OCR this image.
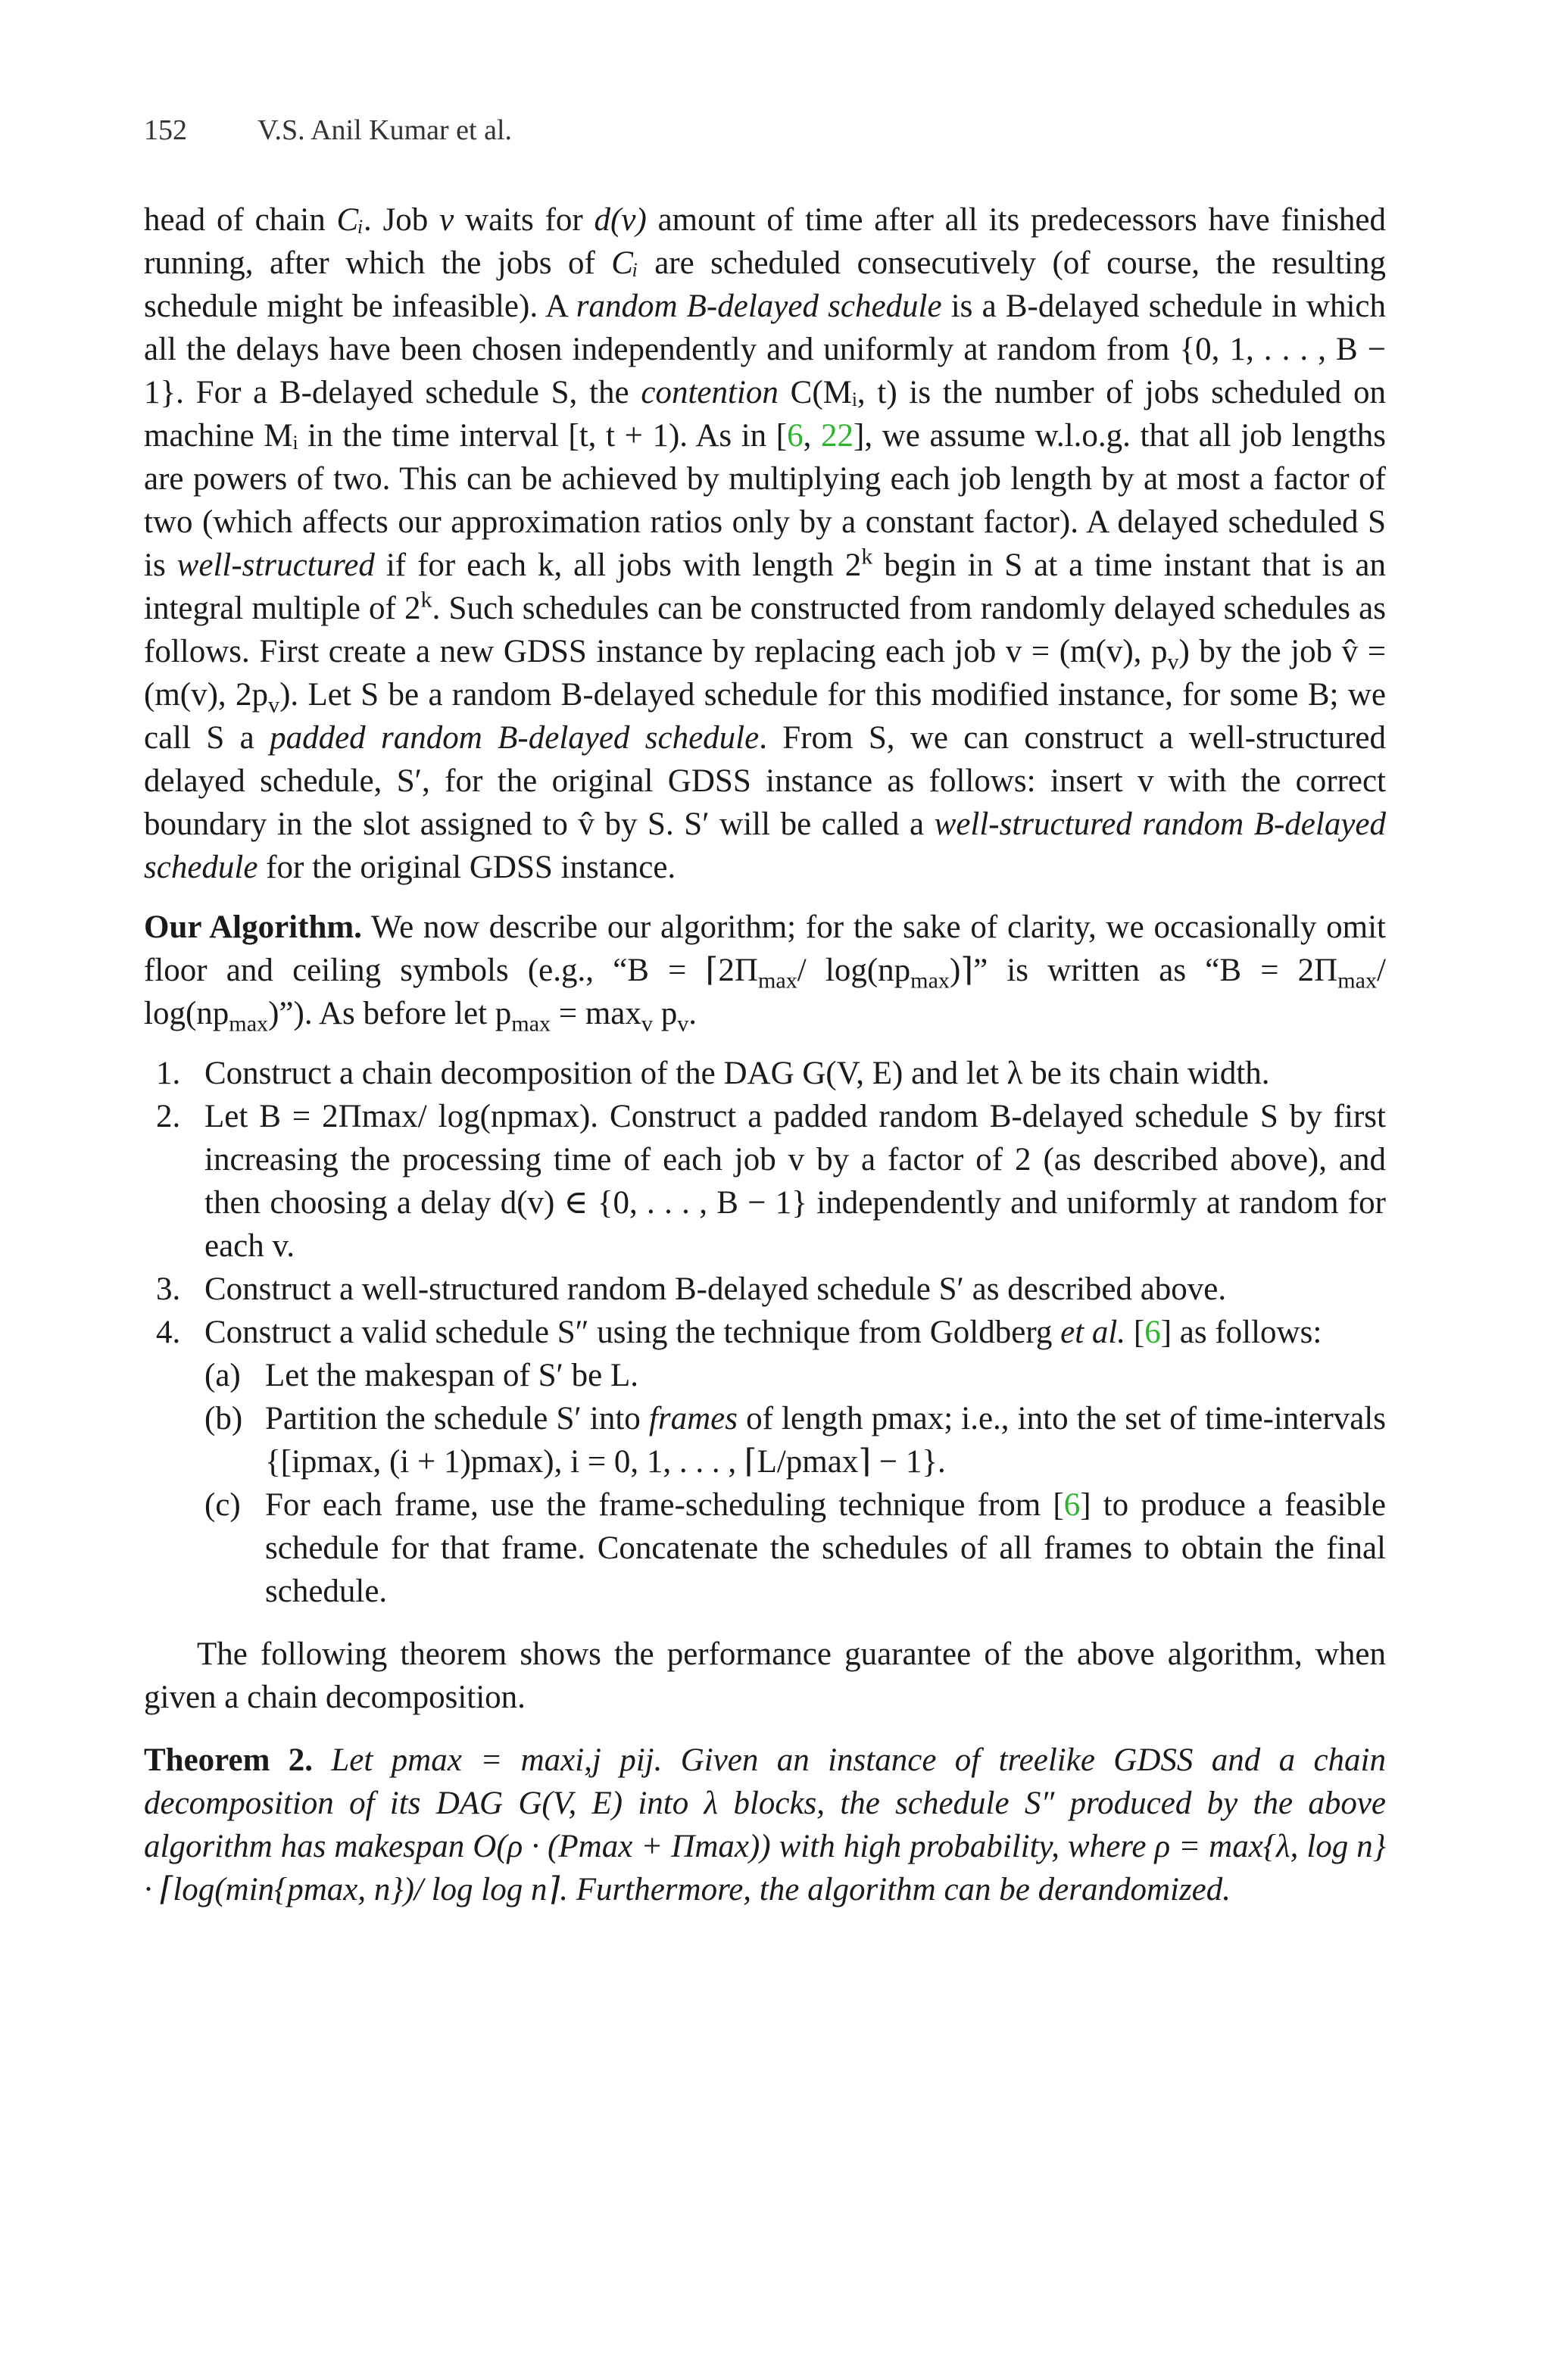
152 V.S. Anil Kumar et al.

head of chain Cᵢ. Job v waits for d(v) amount of time after all its predecessors have finished running, after which the jobs of Cᵢ are scheduled consecutively (of course, the resulting schedule might be infeasible). A random B-delayed schedule is a B-delayed schedule in which all the delays have been chosen independently and uniformly at random from {0, 1, . . . , B − 1}. For a B-delayed schedule S, the contention C(Mᵢ, t) is the number of jobs scheduled on machine Mᵢ in the time interval [t, t + 1). As in [6, 22], we assume w.l.o.g. that all job lengths are powers of two. This can be achieved by multiplying each job length by at most a factor of two (which affects our approximation ratios only by a constant factor). A delayed scheduled S is well-structured if for each k, all jobs with length 2$^k$ begin in S at a time instant that is an integral multiple of 2$^k$. Such schedules can be constructed from randomly delayed schedules as follows. First create a new GDSS instance by replacing each job v = (m(v), $p_v$) by the job v̂ = (m(v), $2p_v$). Let S be a random B-delayed schedule for this modified instance, for some B; we call S a padded random B-delayed schedule. From S, we can construct a well-structured delayed schedule, S′, for the original GDSS instance as follows: insert v with the correct boundary in the slot assigned to v̂ by S. S′ will be called a well-structured random B-delayed schedule for the original GDSS instance.

Our Algorithm. We now describe our algorithm; for the sake of clarity, we occasionally omit floor and ceiling symbols (e.g., “$B = ⌈2\Pi_{max}/$ $\log(np_{max})⌉$” is written as “$B = 2\Pi_{max}/$ $\log(np_{max})$”). As before let $p_{max} = \max_v p_v$.

1. Construct a chain decomposition of the DAG G(V, E) and let λ be its chain width.
2. Let B = 2Πmax/ log(npmax). Construct a padded random B-delayed schedule S by first increasing the processing time of each job v by a factor of 2 (as described above), and then choosing a delay d(v) ∈ {0, . . . , B − 1} independently and uniformly at random for each v.
3. Construct a well-structured random B-delayed schedule S′ as described above.
4. Construct a valid schedule S″ using the technique from Goldberg et al. [6] as follows:
(a) Let the makespan of S′ be L.
(b) Partition the schedule S′ into frames of length pmax; i.e., into the set of time-intervals {[ipmax, (i + 1)pmax), i = 0, 1, . . . , ⌈L/pmax⌉ − 1}.
(c) For each frame, use the frame-scheduling technique from [6] to produce a feasible schedule for that frame. Concatenate the schedules of all frames to obtain the final schedule.

The following theorem shows the performance guarantee of the above algorithm, when given a chain decomposition.

Theorem 2. Let pmax = maxi,j pij. Given an instance of treelike GDSS and a chain decomposition of its DAG G(V, E) into λ blocks, the schedule S″ produced by the above algorithm has makespan O(ρ · (Pmax + Πmax)) with high probability, where ρ = max{λ, log n} · ⌈log(min{pmax, n})/ log log n⌉. Furthermore, the algorithm can be derandomized.
